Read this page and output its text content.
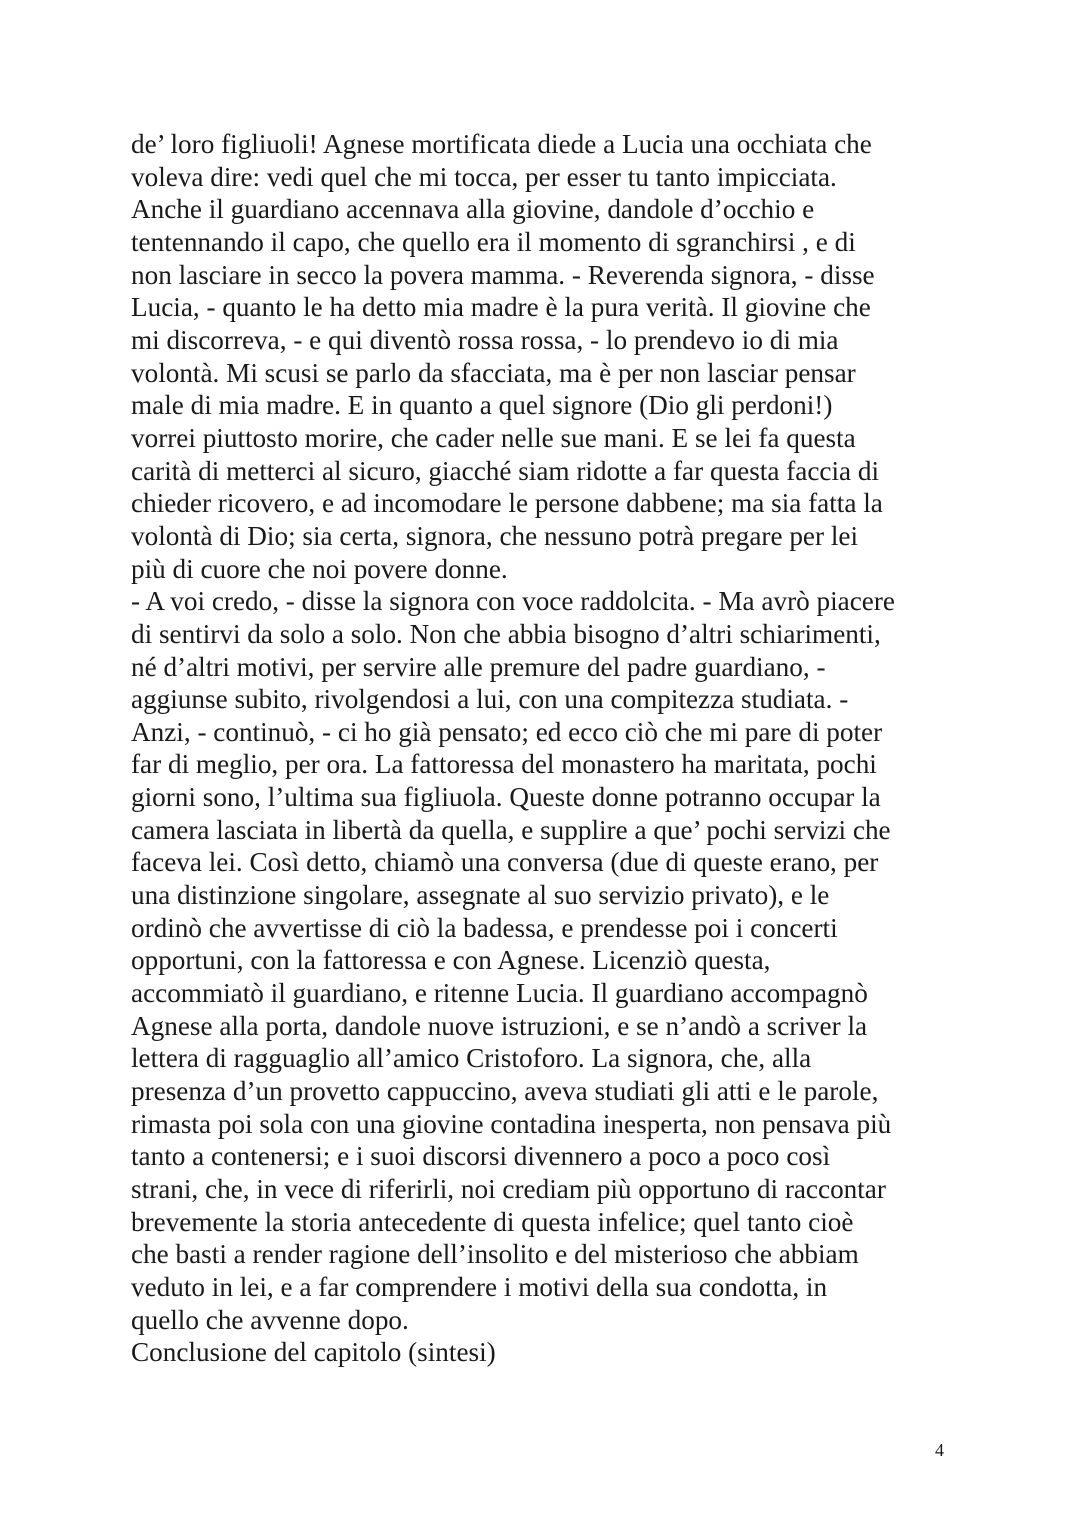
de’ loro figliuoli! Agnese mortificata diede a Lucia una occhiata che
voleva dire: vedi quel che mi tocca, per esser tu tanto impicciata.
Anche il guardiano accennava alla giovine, dandole d’occhio e
tentennando il capo, che quello era il momento di sgranchirsi , e di
non lasciare in secco la povera mamma. - Reverenda signora, - disse
Lucia, - quanto le ha detto mia madre è la pura verità. Il giovine che
mi discorreva, - e qui diventò rossa rossa, - lo prendevo io di mia
volontà. Mi scusi se parlo da sfacciata, ma è per non lasciar pensar
male di mia madre. E in quanto a quel signore (Dio gli perdoni!)
vorrei piuttosto morire, che cader nelle sue mani. E se lei fa questa
carità di metterci al sicuro, giacché siam ridotte a far questa faccia di
chieder ricovero, e ad incomodare le persone dabbene; ma sia fatta la
volontà di Dio; sia certa, signora, che nessuno potrà pregare per lei
più di cuore che noi povere donne.
- A voi credo, - disse la signora con voce raddolcita. - Ma avrò piacere
di sentirvi da solo a solo. Non che abbia bisogno d’altri schiarimenti,
né d’altri motivi, per servire alle premure del padre guardiano, -
aggiunse subito, rivolgendosi a lui, con una compitezza studiata. -
Anzi, - continuò, - ci ho già pensato; ed ecco ciò che mi pare di poter
far di meglio, per ora. La fattoressa del monastero ha maritata, pochi
giorni sono, l’ultima sua figliuola. Queste donne potranno occupar la
camera lasciata in libertà da quella, e supplire a que’ pochi servizi che
faceva lei. Così detto, chiamò una conversa (due di queste erano, per
una distinzione singolare, assegnate al suo servizio privato), e le
ordinò che avvertisse di ciò la badessa, e prendesse poi i concerti
opportuni, con la fattoressa e con Agnese. Licenziò questa,
accommiatò il guardiano, e ritenne Lucia. Il guardiano accompagnò
Agnese alla porta, dandole nuove istruzioni, e se n’andò a scriver la
lettera di ragguaglio all’amico Cristoforo. La signora, che, alla
presenza d’un provetto cappuccino, aveva studiati gli atti e le parole,
rimasta poi sola con una giovine contadina inesperta, non pensava più
tanto a contenersi; e i suoi discorsi divennero a poco a poco così
strani, che, in vece di riferirli, noi crediam più opportuno di raccontar
brevemente la storia antecedente di questa infelice; quel tanto cioè
che basti a render ragione dell’insolito e del misterioso che abbiam
veduto in lei, e a far comprendere i motivi della sua condotta, in
quello che avvenne dopo.
Conclusione del capitolo (sintesi)
4
